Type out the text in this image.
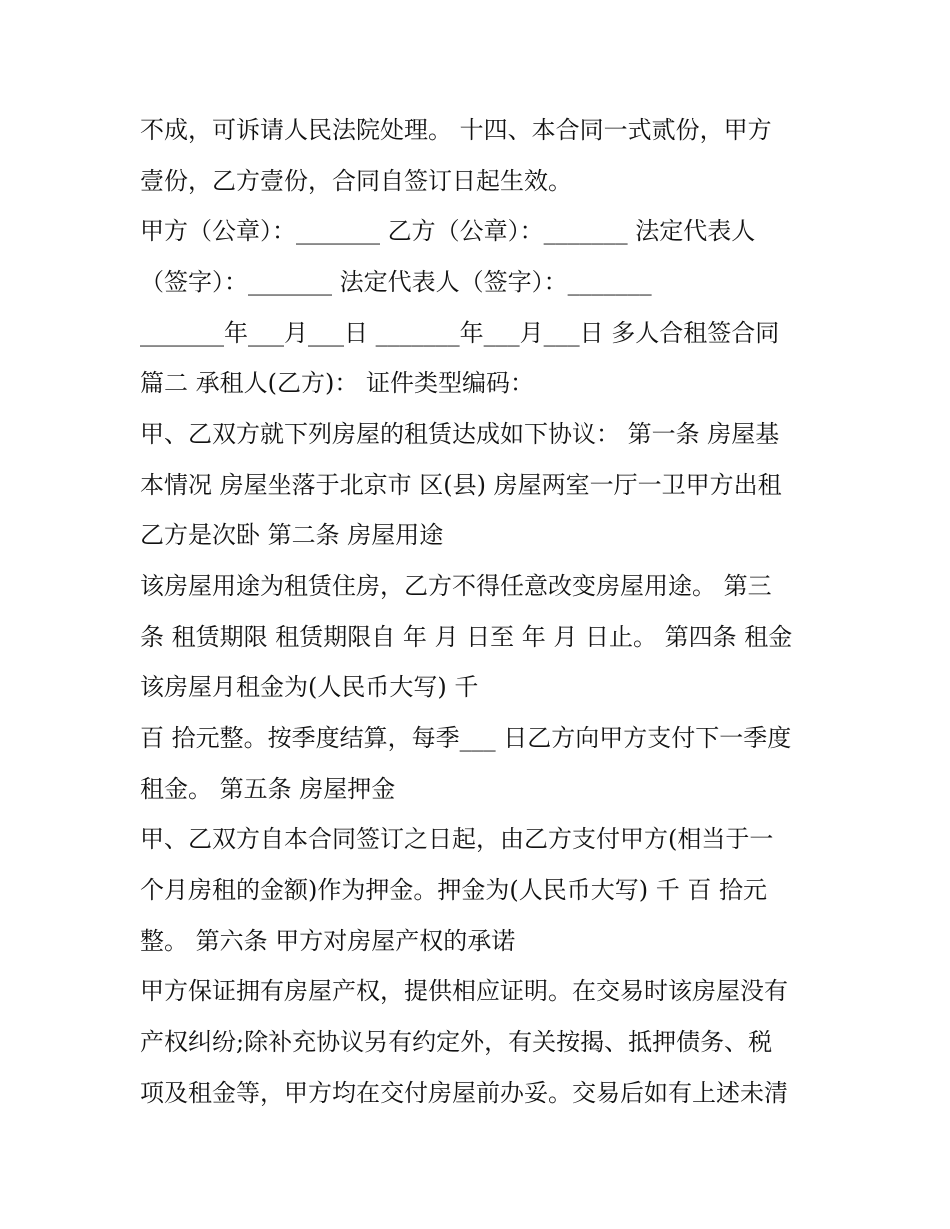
不成，可诉请人民法院处理。 十四、本合同一式贰份，甲方
壹份，乙方壹份，合同自签订日起生效。
甲方（公章）：_______ 乙方（公章）：_______ 法定代表人
（签字）：_______ 法定代表人（签字）：_______
_______年___月___日 _______年___月___日 多人合租签合同
篇二 承租人(乙方)： 证件类型编码：
甲、乙双方就下列房屋的租赁达成如下协议： 第一条 房屋基
本情况 房屋坐落于北京市 区(县) 房屋两室一厅一卫甲方出租
乙方是次卧 第二条 房屋用途
该房屋用途为租赁住房，乙方不得任意改变房屋用途。 第三
条 租赁期限 租赁期限自 年 月 日至 年 月 日止。 第四条 租金
该房屋月租金为(人民币大写) 千
百 拾元整。按季度结算，每季___ 日乙方向甲方支付下一季度
租金。 第五条 房屋押金
甲、乙双方自本合同签订之日起，由乙方支付甲方(相当于一
个月房租的金额)作为押金。押金为(人民币大写) 千 百 拾元
整。 第六条 甲方对房屋产权的承诺
甲方保证拥有房屋产权，提供相应证明。在交易时该房屋没有
产权纠纷;除补充协议另有约定外，有关按揭、抵押债务、税
项及租金等，甲方均在交付房屋前办妥。交易后如有上述未清
